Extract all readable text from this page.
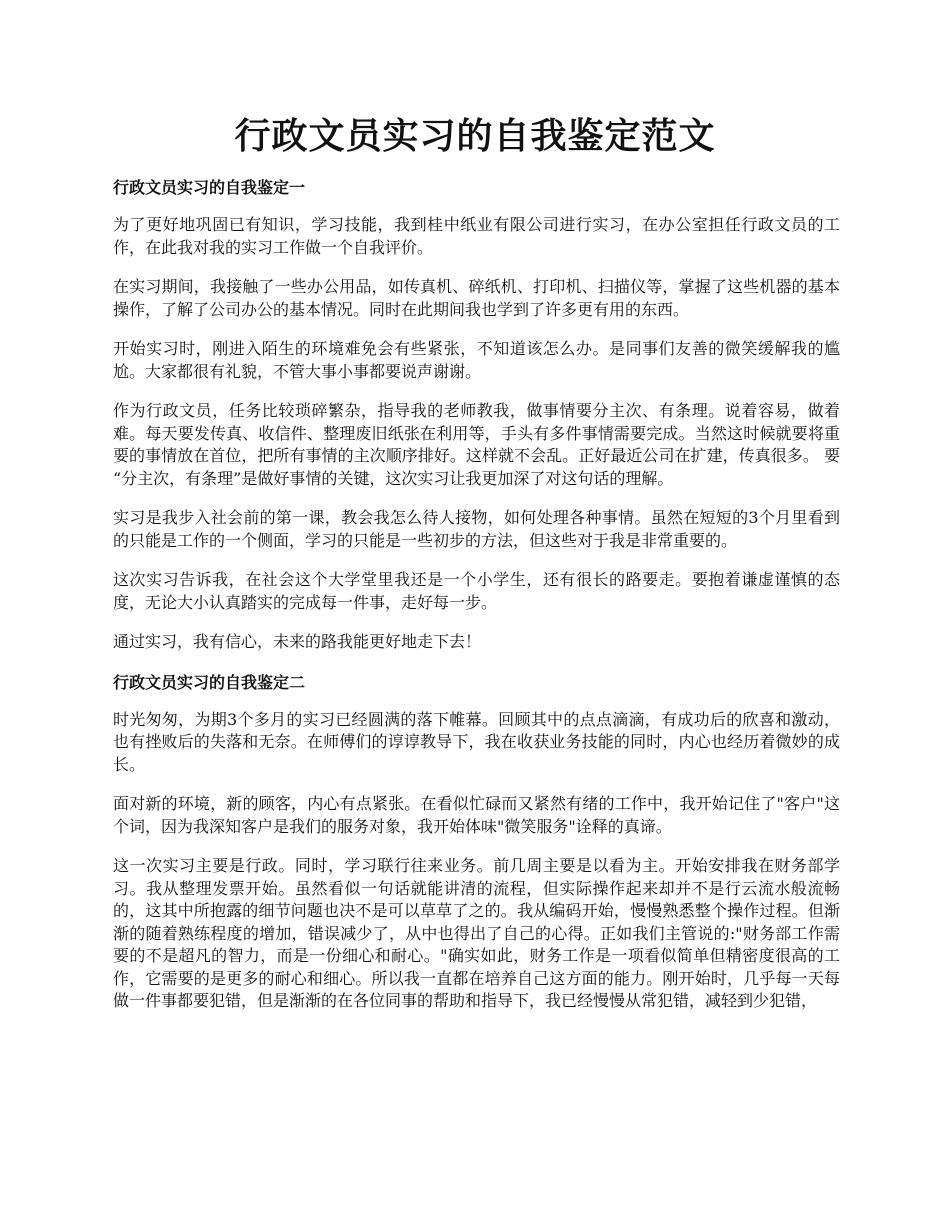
行政文员实习的自我鉴定范文
行政文员实习的自我鉴定一

为了更好地巩固已有知识，学习技能，我到桂中纸业有限公司进行实习，在办公室担任行政文员的工作，在此我对我的实习工作做一个自我评价。

在实习期间，我接触了一些办公用品，如传真机、碎纸机、打印机、扫描仪等，掌握了这些机器的基本操作，了解了公司办公的基本情况。同时在此期间我也学到了许多更有用的东西。

开始实习时，刚进入陌生的环境难免会有些紧张，不知道该怎么办。是同事们友善的微笑缓解我的尴尬。大家都很有礼貌，不管大事小事都要说声谢谢。

作为行政文员，任务比较琐碎繁杂，指导我的老师教我，做事情要分主次、有条理。说着容易，做着难。每天要发传真、收信件、整理废旧纸张在利用等，手头有多件事情需要完成。当然这时候就要将重要的事情放在首位，把所有事情的主次顺序排好。这样就不会乱。正好最近公司在扩建，传真很多。 要 “分主次，有条理”是做好事情的关键，这次实习让我更加深了对这句话的理解。

实习是我步入社会前的第一课，教会我怎么待人接物，如何处理各种事情。虽然在短短的3个月里看到的只能是工作的一个侧面，学习的只能是一些初步的方法，但这些对于我是非常重要的。

这次实习告诉我，在社会这个大学堂里我还是一个小学生，还有很长的路要走。要抱着谦虚谨慎的态度，无论大小认真踏实的完成每一件事，走好每一步。

通过实习，我有信心，未来的路我能更好地走下去！

行政文员实习的自我鉴定二

时光匆匆，为期3个多月的实习已经圆满的落下帷幕。回顾其中的点点滴滴，有成功后的欣喜和激动，也有挫败后的失落和无奈。在师傅们的谆谆教导下，我在收获业务技能的同时，内心也经历着微妙的成长。

面对新的环境，新的顾客，内心有点紧张。在看似忙碌而又紧然有绪的工作中，我开始记住了"客户"这个词，因为我深知客户是我们的服务对象，我开始体味"微笑服务"诠释的真谛。

这一次实习主要是行政。同时，学习联行往来业务。前几周主要是以看为主。开始安排我在财务部学习。我从整理发票开始。虽然看似一句话就能讲清的流程，但实际操作起来却并不是行云流水般流畅的，这其中所抱露的细节问题也决不是可以草草了之的。我从编码开始，慢慢熟悉整个操作过程。但渐渐的随着熟练程度的增加，错误减少了，从中也得出了自己的心得。正如我们主管说的:"财务部工作需要的不是超凡的智力，而是一份细心和耐心。"确实如此，财务工作是一项看似简单但精密度很高的工作，它需要的是更多的耐心和细心。所以我一直都在培养自己这方面的能力。刚开始时，几乎每一天每做一件事都要犯错，但是渐渐的在各位同事的帮助和指导下，我已经慢慢从常犯错，减轻到少犯错，
